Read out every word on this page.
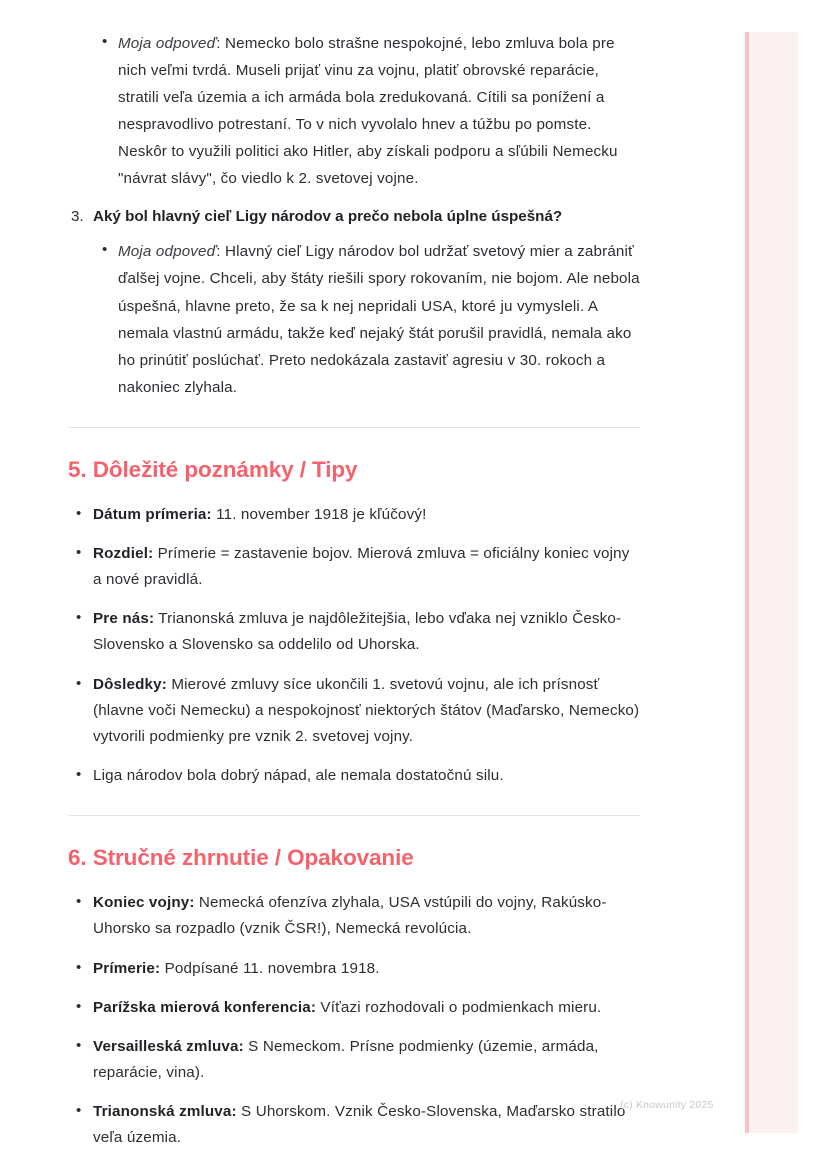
• Moja odpoveď: Nemecko bolo strašne nespokojné, lebo zmluva bola pre nich veľmi tvrdá. Museli prijať vinu za vojnu, platiť obrovské reparácie, stratili veľa územia a ich armáda bola zredukovaná. Cítili sa ponížení a nespravodlivo potrestaní. To v nich vyvolalo hnev a túžbu po pomste. Neskôr to využili politici ako Hitler, aby získali podporu a sľúbili Nemecku "návrat slávy", čo viedlo k 2. svetovej vojne.
3. Aký bol hlavný cieľ Ligy národov a prečo nebola úplne úspešná?
• Moja odpoveď: Hlavný cieľ Ligy národov bol udržať svetový mier a zabrániť ďalšej vojne. Chceli, aby štáty riešili spory rokovaním, nie bojom. Ale nebola úspešná, hlavne preto, že sa k nej nepridali USA, ktoré ju vymysleli. A nemala vlastnú armádu, takže keď nejaký štát porušil pravidlá, nemala ako ho prinútiť poslúchať. Preto nedokázala zastaviť agresiu v 30. rokoch a nakoniec zlyhala.
5. Dôležité poznámky / Tipy
• Dátum prímeria: 11. november 1918 je kľúčový!
• Rozdiel: Prímerie = zastavenie bojov. Mierová zmluva = oficiálny koniec vojny a nové pravidlá.
• Pre nás: Trianonská zmluva je najdôležitejšia, lebo vďaka nej vzniklo Česko-Slovensko a Slovensko sa oddelilo od Uhorska.
• Dôsledky: Mierové zmluvy síce ukončili 1. svetovú vojnu, ale ich prísnosť (hlavne voči Nemecku) a nespokojnosť niektorých štátov (Maďarsko, Nemecko) vytvorili podmienky pre vznik 2. svetovej vojny.
• Liga národov bola dobrý nápad, ale nemala dostatočnú silu.
6. Stručné zhrnutie / Opakovanie
• Koniec vojny: Nemecká ofenzíva zlyhala, USA vstúpili do vojny, Rakúsko-Uhorsko sa rozpadlo (vznik ČSR!), Nemecká revolúcia.
• Prímerie: Podpísané 11. novembra 1918.
• Parížska mierová konferencia: Víťazi rozhodovali o podmienkach mieru.
• Versailleská zmluva: S Nemeckom. Prísne podmienky (územie, armáda, reparácie, vina).
• Trianonská zmluva: S Uhorskom. Vznik Česko-Slovenska, Maďarsko stratilo veľa územia.
(c) Knowunity 2025
